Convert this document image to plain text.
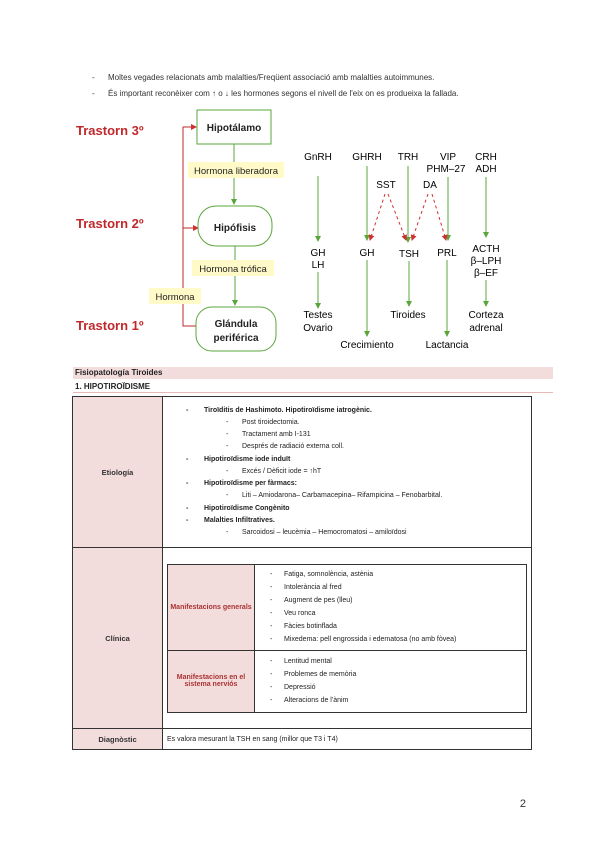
- Moltes vegades relacionats amb malalties/Freqüent associació amb malalties autoimmunes.
- És important reconèixer com ↑ o ↓ les hormones segons el nivell de l'eix on es produeixa la fallada.
Trastorn 3º
Trastorn 2º
Trastorn 1º
Hipotálamo
Hipófisis
Glándula
periférica
Hormona liberadora
Hormona trófica
Hormona
GnRH GHRH TRH VIP
PHM–27
CRH
ADH
SST	DA
GH
LH
GH TSH PRL ACTH
β–LPH
β–EF
Testes
Ovario
Tiroides	Corteza
adrenal
Crecimiento	Lactancia
Fisiopatología Tiroides
1. HIPOTIROÏDISME
Etiología	
- Tiroïditis de Hashimoto. Hipotiroïdisme iatrogènic.
- Post tiroidectomia.
- Tractament amb I-131
- Després de radiació externa coll.
- Hipotiroïdisme iode induït
- Excés / Dèficit iode = ↑hT
- Hipotiroïdisme per fàrmacs:
- Liti – Amiodarona– Carbamacepina– Rifampicina – Fenobarbital.
- Hipotiroïdisme Congènito
- Malalties Infiltratives.
- Sarcoidosi – leucèmia – Hemocromatosi – amiloïdosi

Clínica	
Manifestacions generals	
- Fatiga, somnolència, astènia
- Intolerància al fred
- Augment de pes (lleu)
- Veu ronca
- Fàcies botinflada
- Mixedema: pell engrossida i edematosa (no amb fòvea)

Manifestacions en el sistema nerviós	
- Lentitud mental
- Problemes de memòria
- Depressió
- Alteracions de l'ànim

Diagnòstic	Es valora mesurant la TSH en sang (millor que T3 i T4)
2
